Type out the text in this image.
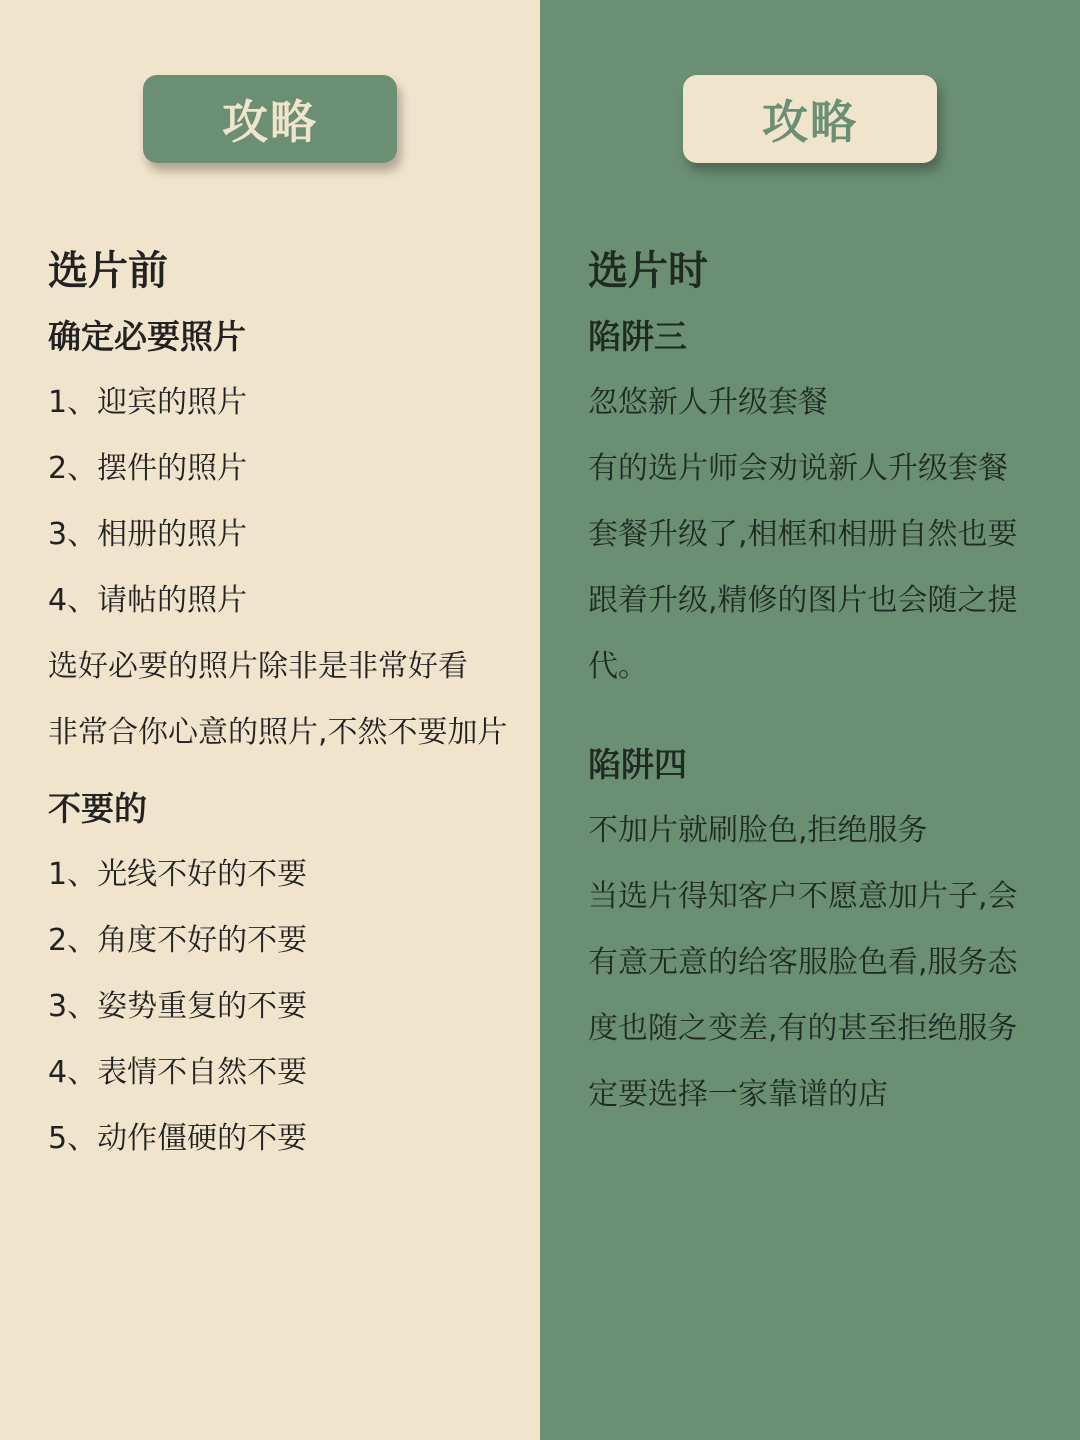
攻略
选片前
确定必要照片
1、迎宾的照片
2、摆件的照片
3、相册的照片
4、请帖的照片
选好必要的照片除非是非常好看
非常合你心意的照片,不然不要加片
不要的
1、光线不好的不要
2、角度不好的不要
3、姿势重复的不要
4、表情不自然不要
5、动作僵硬的不要
攻略
选片时
陷阱三
忽悠新人升级套餐
有的选片师会劝说新人升级套餐
套餐升级了,相框和相册自然也要
跟着升级,精修的图片也会随之提
代。
陷阱四
不加片就刷脸色,拒绝服务
当选片得知客户不愿意加片子,会
有意无意的给客服脸色看,服务态
度也随之变差,有的甚至拒绝服务
定要选择一家靠谱的店
